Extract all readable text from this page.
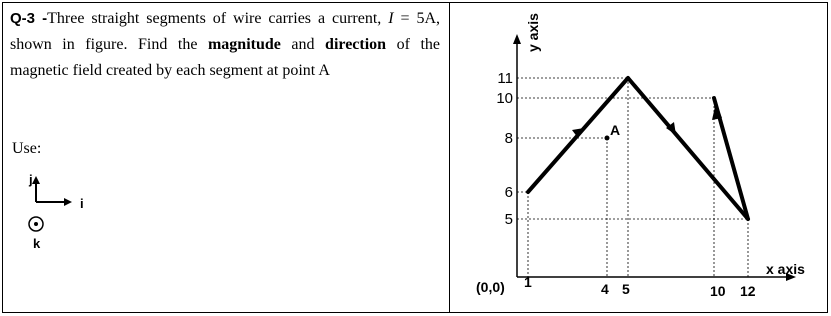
Q-3 -Three straight segments of wire carries a current, I = 5A, shown in figure. Find the magnitude and direction of the magnetic field created by each segment at point A
Use:
j
i
k
y axis
x axis
A
11
10
8
6
5
(0,0) 1	4 5	10 12
